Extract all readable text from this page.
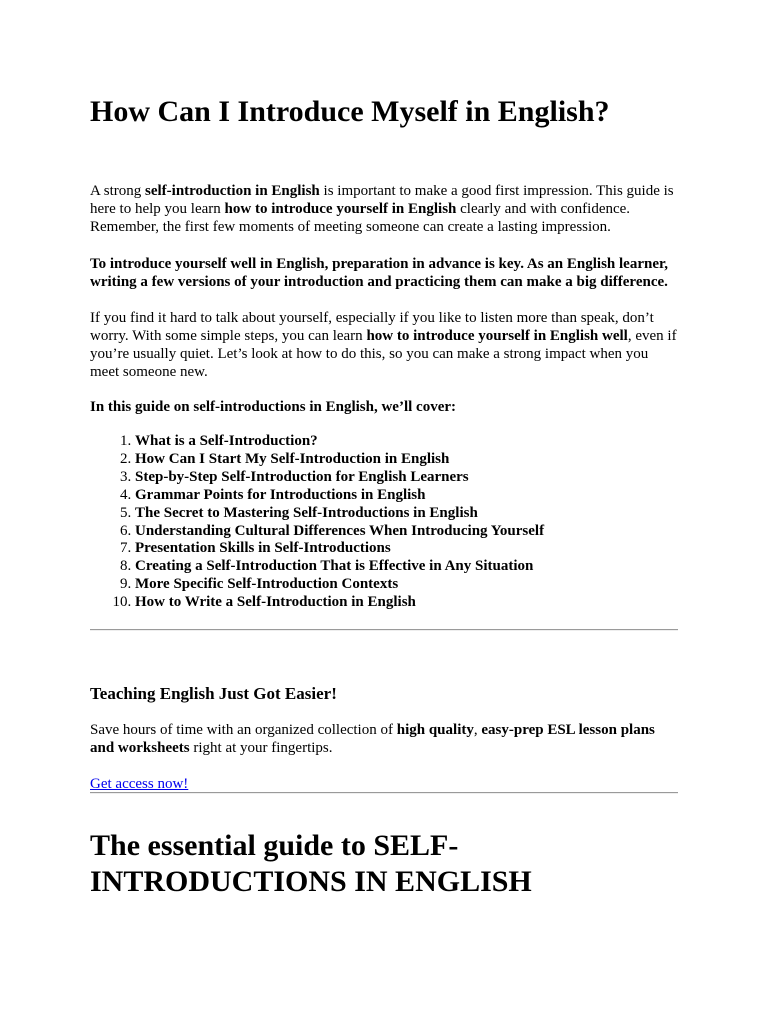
How Can I Introduce Myself in English?

A strong self-introduction in English is important to make a good first impression. This guide is here to help you learn how to introduce yourself in English clearly and with confidence. Remember, the first few moments of meeting someone can create a lasting impression.

To introduce yourself well in English, preparation in advance is key. As an English learner, writing a few versions of your introduction and practicing them can make a big difference.

If you find it hard to talk about yourself, especially if you like to listen more than speak, don’t worry. With some simple steps, you can learn how to introduce yourself in English well, even if you’re usually quiet. Let’s look at how to do this, so you can make a strong impact when you meet someone new.

In this guide on self-introductions in English, we’ll cover:

1. What is a Self-Introduction?
2. How Can I Start My Self-Introduction in English
3. Step-by-Step Self-Introduction for English Learners
4. Grammar Points for Introductions in English
5. The Secret to Mastering Self-Introductions in English
6. Understanding Cultural Differences When Introducing Yourself
7. Presentation Skills in Self-Introductions
8. Creating a Self-Introduction That is Effective in Any Situation
9. More Specific Self-Introduction Contexts
10. How to Write a Self-Introduction in English
Teaching English Just Got Easier!

Save hours of time with an organized collection of high quality, easy-prep ESL lesson plans and worksheets right at your fingertips.

Get access now!
The essential guide to SELF-INTRODUCTIONS IN ENGLISH
